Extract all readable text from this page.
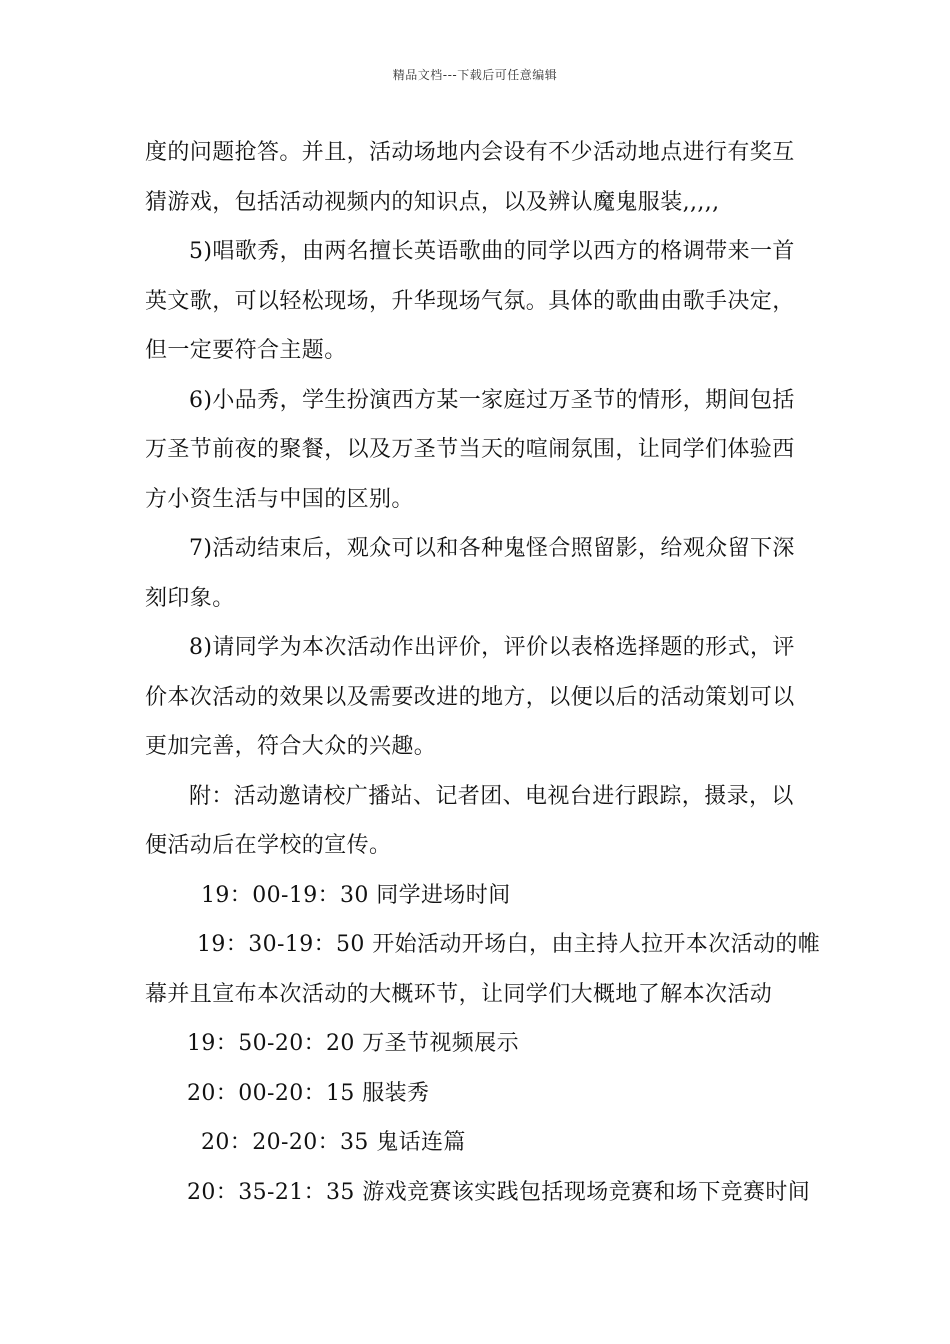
精品文档---下载后可任意编辑
度的问题抢答。并且，活动场地内会设有不少活动地点进行有奖互
猜游戏，包括活动视频内的知识点，以及辨认魔鬼服装,,,,,
5)唱歌秀，由两名擅长英语歌曲的同学以西方的格调带来一首
英文歌，可以轻松现场，升华现场气氛。具体的歌曲由歌手决定，
但一定要符合主题。
6)小品秀，学生扮演西方某一家庭过万圣节的情形，期间包括
万圣节前夜的聚餐，以及万圣节当天的喧闹氛围，让同学们体验西
方小资生活与中国的区别。
7)活动结束后，观众可以和各种鬼怪合照留影，给观众留下深
刻印象。
8)请同学为本次活动作出评价，评价以表格选择题的形式，评
价本次活动的效果以及需要改进的地方，以便以后的活动策划可以
更加完善，符合大众的兴趣。
附：活动邀请校广播站、记者团、电视台进行跟踪，摄录，以
便活动后在学校的宣传。
19：00-19：30 同学进场时间
19：30-19：50 开始活动开场白，由主持人拉开本次活动的帷
幕并且宣布本次活动的大概环节，让同学们大概地了解本次活动
19：50-20：20 万圣节视频展示
20：00-20：15 服装秀
20：20-20：35 鬼话连篇
20：35-21：35 游戏竞赛该实践包括现场竞赛和场下竞赛时间
